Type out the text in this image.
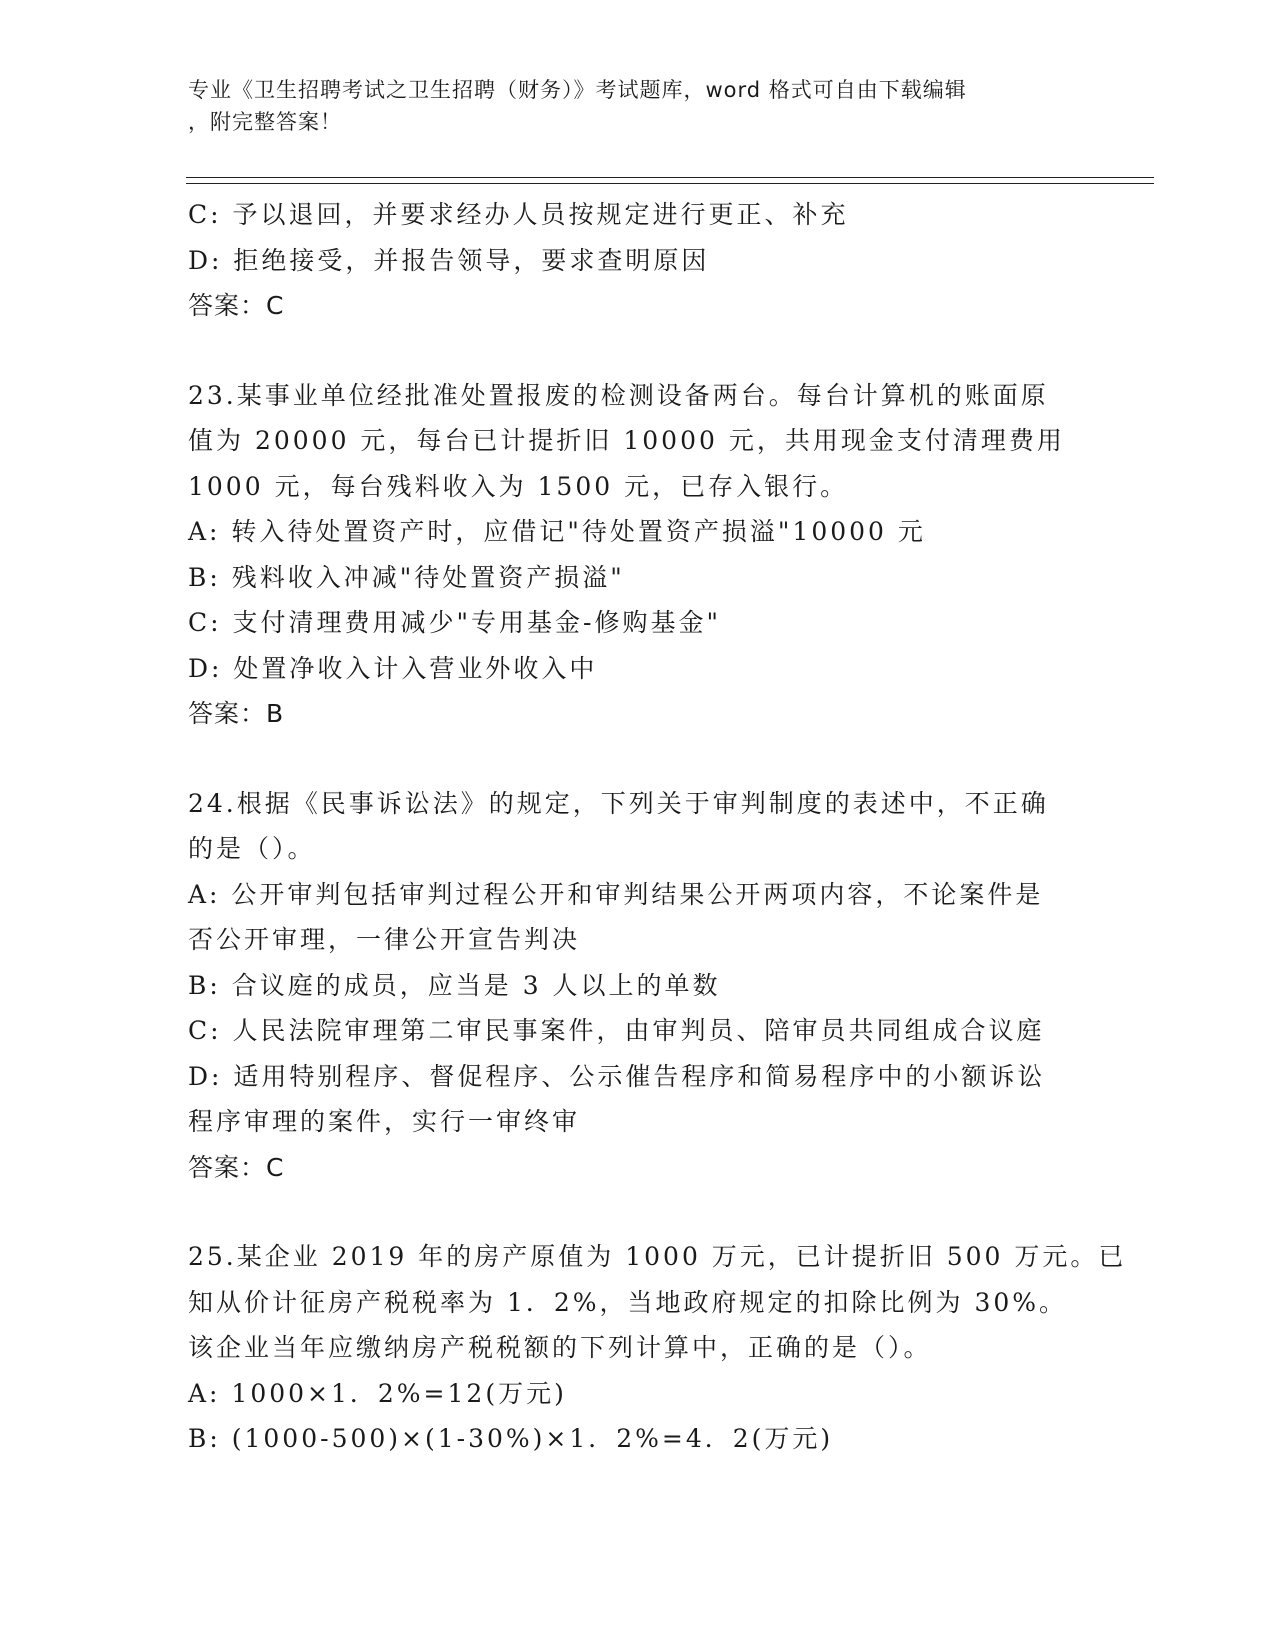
专业《卫生招聘考试之卫生招聘（财务）》考试题库，word 格式可自由下载编辑
，附完整答案！
C: 予以退回，并要求经办人员按规定进行更正、补充
D: 拒绝接受，并报告领导，要求查明原因
答案：C
23.某事业单位经批准处置报废的检测设备两台。每台计算机的账面原
值为 20000 元，每台已计提折旧 10000 元，共用现金支付清理费用
1000 元，每台残料收入为 1500 元，已存入银行。
A: 转入待处置资产时，应借记"待处置资产损溢"10000 元
B: 残料收入冲减"待处置资产损溢"
C: 支付清理费用减少"专用基金-修购基金"
D: 处置净收入计入营业外收入中
答案：B
24.根据《民事诉讼法》的规定，下列关于审判制度的表述中，不正确
的是（）。
A: 公开审判包括审判过程公开和审判结果公开两项内容，不论案件是
否公开审理，一律公开宣告判决
B: 合议庭的成员，应当是 3 人以上的单数
C: 人民法院审理第二审民事案件，由审判员、陪审员共同组成合议庭
D: 适用特别程序、督促程序、公示催告程序和简易程序中的小额诉讼
程序审理的案件，实行一审终审
答案：C
25.某企业 2019 年的房产原值为 1000 万元，已计提折旧 500 万元。已
知从价计征房产税税率为 1．2%，当地政府规定的扣除比例为 30%。
该企业当年应缴纳房产税税额的下列计算中，正确的是（）。
A: 1000×1．2%=12(万元)
B: (1000-500)×(1-30%)×1．2%=4．2(万元)
